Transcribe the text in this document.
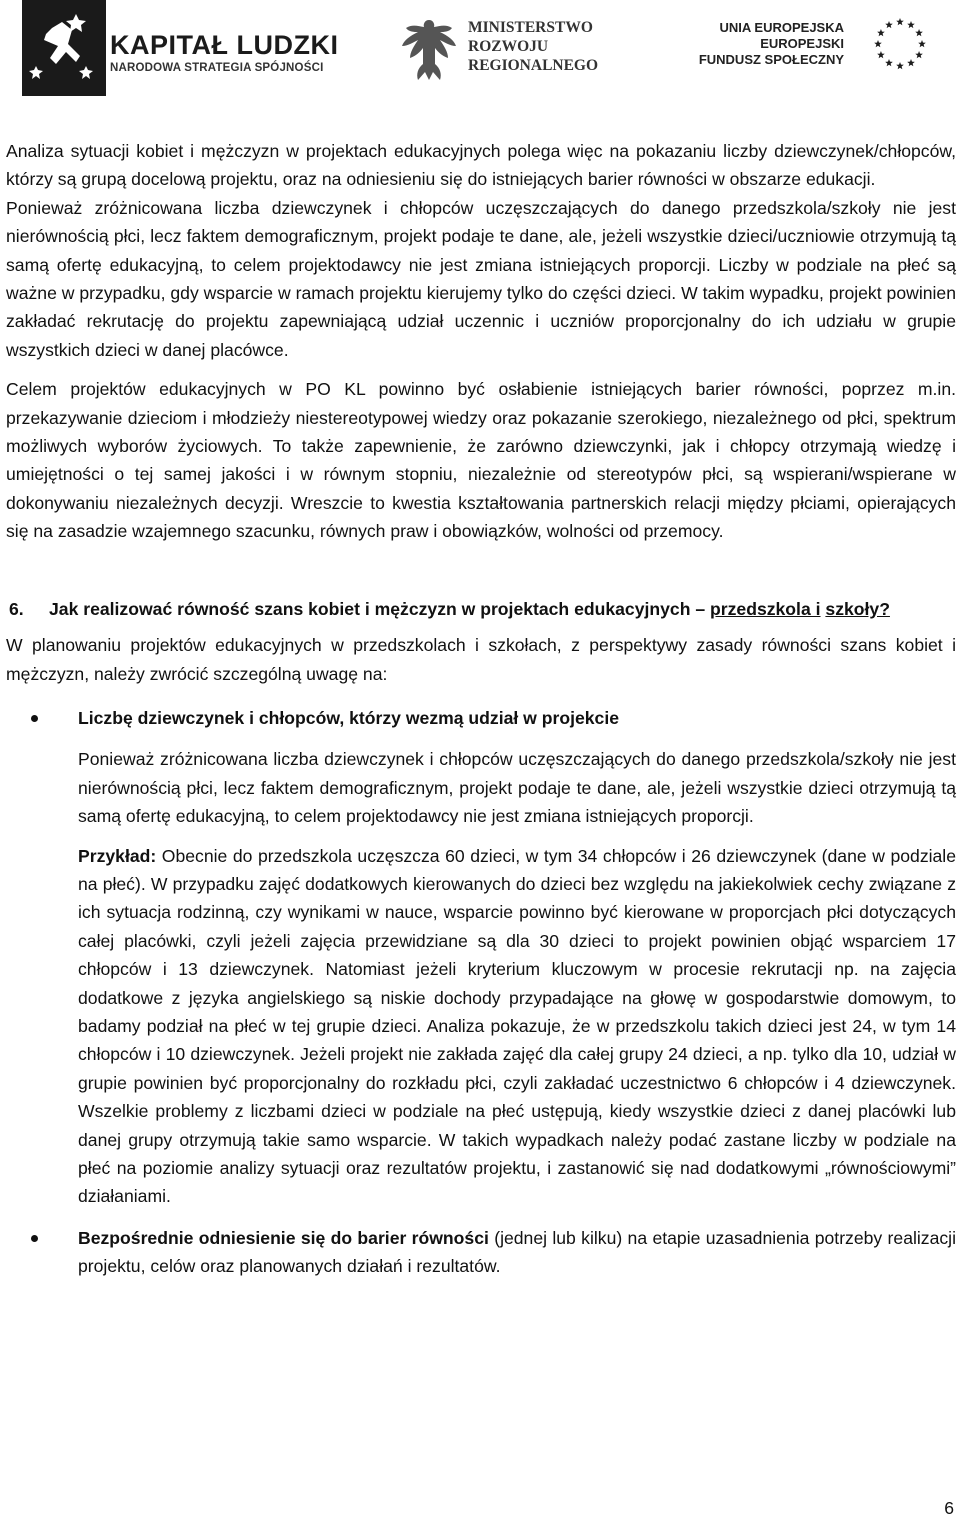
KAPITAŁ LUDZKI
NARODOWA STRATEGIA SPÓJNOŚCI
MINISTERSTWO
ROZWOJU
REGIONALNEGO
UNIA EUROPEJSKA
EUROPEJSKI
FUNDUSZ SPOŁECZNY

Analiza sytuacji kobiet i mężczyzn w projektach edukacyjnych polega więc na pokazaniu liczby dziewczynek/chłopców, którzy są grupą docelową projektu, oraz na odniesieniu się do istniejących barier równości w obszarze edukacji.

Ponieważ zróżnicowana liczba dziewczynek i chłopców uczęszczających do danego przedszkola/szkoły nie jest nierównością płci, lecz faktem demograficznym, projekt podaje te dane, ale, jeżeli wszystkie dzieci/uczniowie otrzymują tą samą ofertę edukacyjną, to celem projektodawcy nie jest zmiana istniejących proporcji. Liczby w podziale na płeć są ważne w przypadku, gdy wsparcie w ramach projektu kierujemy tylko do części dzieci. W takim wypadku, projekt powinien zakładać rekrutację do projektu zapewniającą udział uczennic i uczniów proporcjonalny do ich udziału w grupie wszystkich dzieci w danej placówce.

Celem projektów edukacyjnych w PO KL powinno być osłabienie istniejących barier równości, poprzez m.in. przekazywanie dzieciom i młodzieży niestereotypowej wiedzy oraz pokazanie szerokiego, niezależnego od płci, spektrum możliwych wyborów życiowych. To także zapewnienie, że zarówno dziewczynki, jak i chłopcy otrzymają wiedzę i umiejętności o tej samej jakości i w równym stopniu, niezależnie od stereotypów płci, są wspierani/wspierane w dokonywaniu niezależnych decyzji. Wreszcie to kwestia kształtowania partnerskich relacji między płciami, opierających się na zasadzie wzajemnego szacunku, równych praw i obowiązków, wolności od przemocy.

6. Jak realizować równość szans kobiet i mężczyzn w projektach edukacyjnych – przedszkola i szkoły?

W planowaniu projektów edukacyjnych w przedszkolach i szkołach, z perspektywy zasady równości szans kobiet i mężczyzn, należy zwrócić szczególną uwagę na:

Liczbę dziewczynek i chłopców, którzy wezmą udział w projekcie

Ponieważ zróżnicowana liczba dziewczynek i chłopców uczęszczających do danego przedszkola/szkoły nie jest nierównością płci, lecz faktem demograficznym, projekt podaje te dane, ale, jeżeli wszystkie dzieci otrzymują tą samą ofertę edukacyjną, to celem projektodawcy nie jest zmiana istniejących proporcji.

Przykład: Obecnie do przedszkola uczęszcza 60 dzieci, w tym 34 chłopców i 26 dziewczynek (dane w podziale na płeć). W przypadku zajęć dodatkowych kierowanych do dzieci bez względu na jakiekolwiek cechy związane z ich sytuacja rodzinną, czy wynikami w nauce, wsparcie powinno być kierowane w proporcjach płci dotyczących całej placówki, czyli jeżeli zajęcia przewidziane są dla 30 dzieci to projekt powinien objąć wsparciem 17 chłopców i 13 dziewczynek. Natomiast jeżeli kryterium kluczowym w procesie rekrutacji np. na zajęcia dodatkowe z języka angielskiego są niskie dochody przypadające na głowę w gospodarstwie domowym, to badamy podział na płeć w tej grupie dzieci. Analiza pokazuje, że w przedszkolu takich dzieci jest 24, w tym 14 chłopców i 10 dziewczynek. Jeżeli projekt nie zakłada zajęć dla całej grupy 24 dzieci, a np. tylko dla 10, udział w grupie powinien być proporcjonalny do rozkładu płci, czyli zakładać uczestnictwo 6 chłopców i 4 dziewczynek. Wszelkie problemy z liczbami dzieci w podziale na płeć ustępują, kiedy wszystkie dzieci z danej placówki lub danej grupy otrzymują takie samo wsparcie. W takich wypadkach należy podać zastane liczby w podziale na płeć na poziomie analizy sytuacji oraz rezultatów projektu, i zastanowić się nad dodatkowymi „równościowymi” działaniami.

Bezpośrednie odniesienie się do barier równości (jednej lub kilku) na etapie uzasadnienia potrzeby realizacji projektu, celów oraz planowanych działań i rezultatów.

6
